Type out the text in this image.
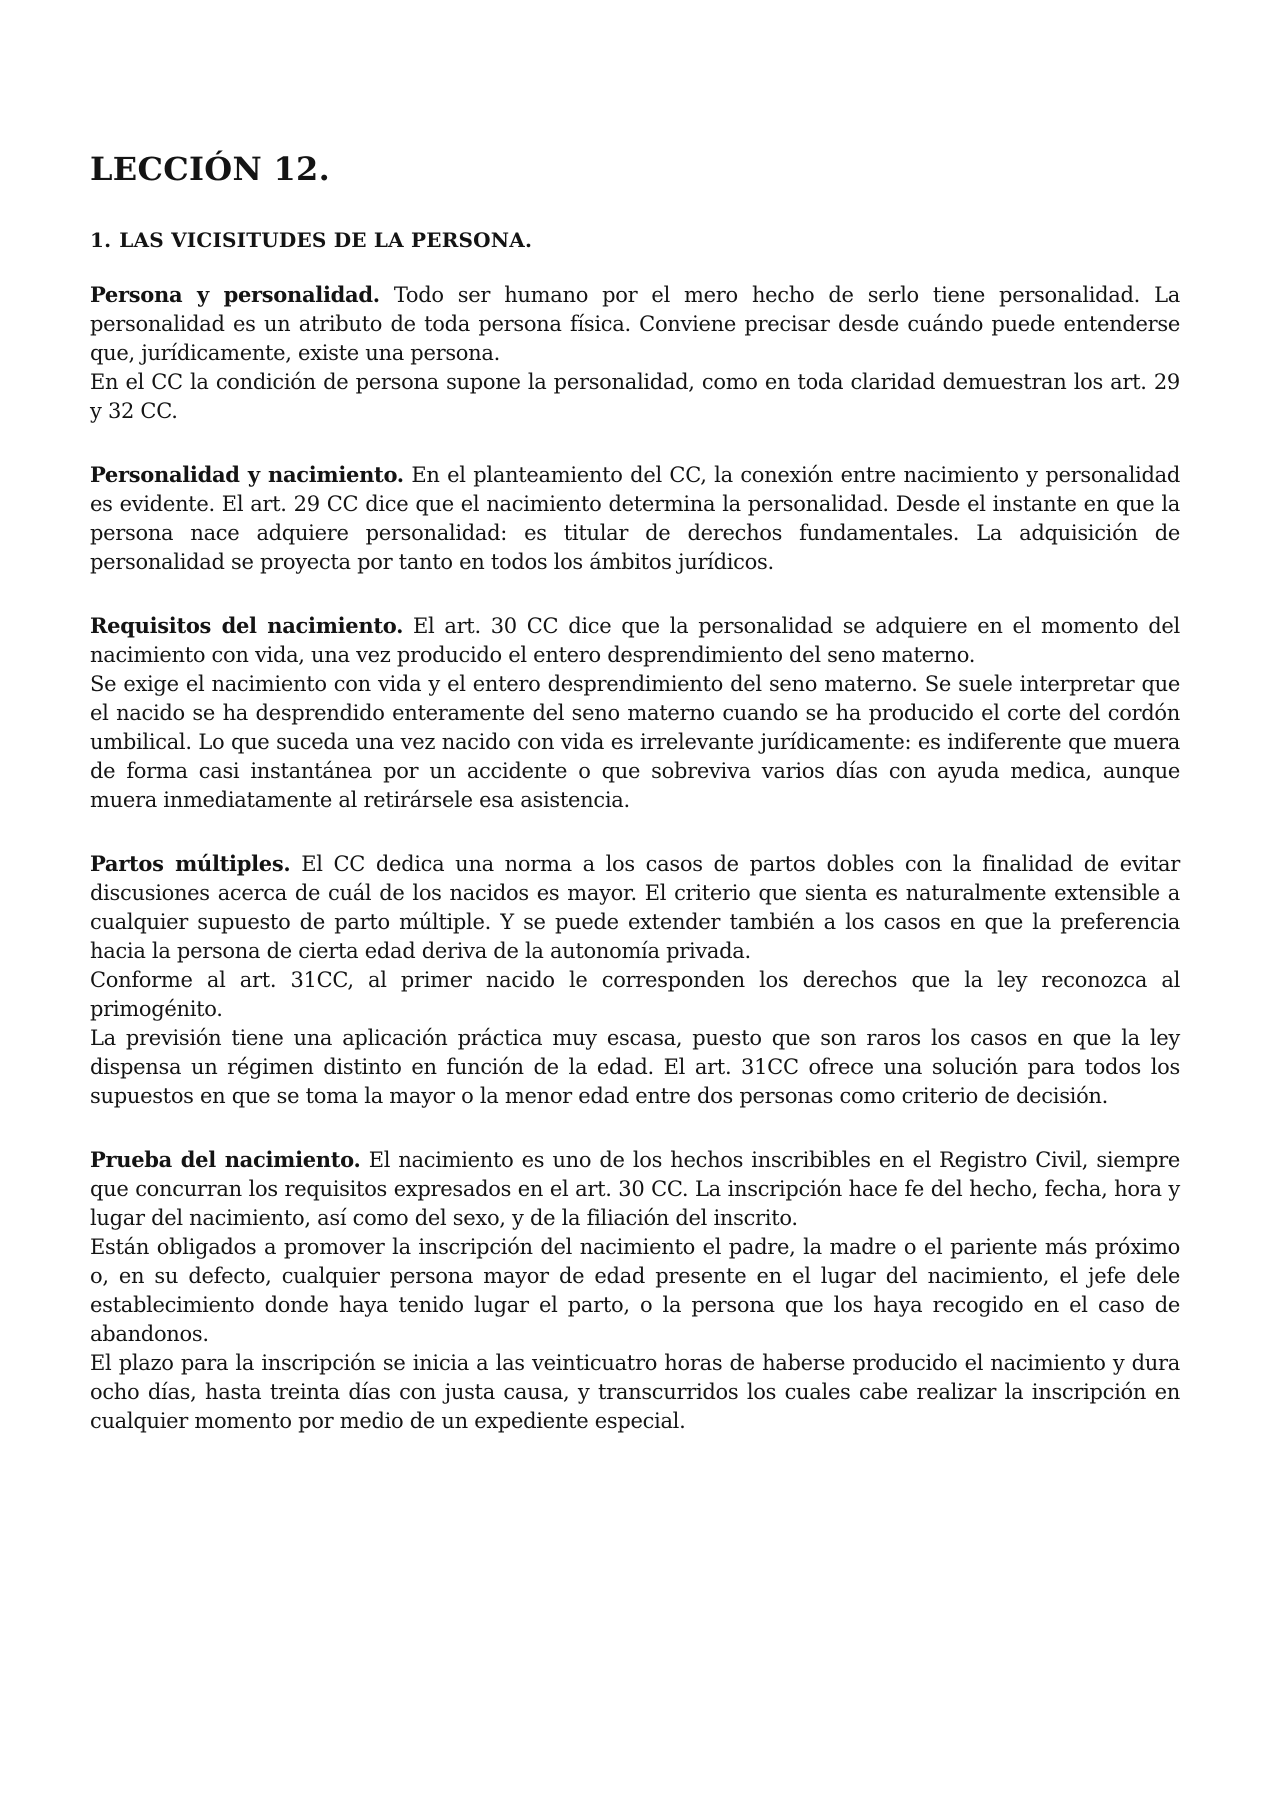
LECCIÓN 12.
1. LAS VICISITUDES DE LA PERSONA.

Persona y personalidad. Todo ser humano por el mero hecho de serlo tiene personalidad. La personalidad es un atributo de toda persona física. Conviene precisar desde cuándo puede entenderse que, jurídicamente, existe una persona.

En el CC la condición de persona supone la personalidad, como en toda claridad demuestran los art. 29 y 32 CC.

Personalidad y nacimiento. En el planteamiento del CC, la conexión entre nacimiento y personalidad es evidente. El art. 29 CC dice que el nacimiento determina la personalidad. Desde el instante en que la persona nace adquiere personalidad: es titular de derechos fundamentales. La adquisición de personalidad se proyecta por tanto en todos los ámbitos jurídicos.

Requisitos del nacimiento. El art. 30 CC dice que la personalidad se adquiere en el momento del nacimiento con vida, una vez producido el entero desprendimiento del seno materno.

Se exige el nacimiento con vida y el entero desprendimiento del seno materno. Se suele interpretar que el nacido se ha desprendido enteramente del seno materno cuando se ha producido el corte del cordón umbilical. Lo que suceda una vez nacido con vida es irrelevante jurídicamente: es indiferente que muera de forma casi instantánea por un accidente o que sobreviva varios días con ayuda medica, aunque muera inmediatamente al retirársele esa asistencia.

Partos múltiples. El CC dedica una norma a los casos de partos dobles con la finalidad de evitar discusiones acerca de cuál de los nacidos es mayor. El criterio que sienta es naturalmente extensible a cualquier supuesto de parto múltiple. Y se puede extender también a los casos en que la preferencia hacia la persona de cierta edad deriva de la autonomía privada.

Conforme al art. 31CC, al primer nacido le corresponden los derechos que la ley reconozca al primogénito.

La previsión tiene una aplicación práctica muy escasa, puesto que son raros los casos en que la ley dispensa un régimen distinto en función de la edad. El art. 31CC ofrece una solución para todos los supuestos en que se toma la mayor o la menor edad entre dos personas como criterio de decisión.

Prueba del nacimiento. El nacimiento es uno de los hechos inscribibles en el Registro Civil, siempre que concurran los requisitos expresados en el art. 30 CC. La inscripción hace fe del hecho, fecha, hora y lugar del nacimiento, así como del sexo, y de la filiación del inscrito.

Están obligados a promover la inscripción del nacimiento el padre, la madre o el pariente más próximo o, en su defecto, cualquier persona mayor de edad presente en el lugar del nacimiento, el jefe dele establecimiento donde haya tenido lugar el parto, o la persona que los haya recogido en el caso de abandonos.

El plazo para la inscripción se inicia a las veinticuatro horas de haberse producido el nacimiento y dura ocho días, hasta treinta días con justa causa, y transcurridos los cuales cabe realizar la inscripción en cualquier momento por medio de un expediente especial.
